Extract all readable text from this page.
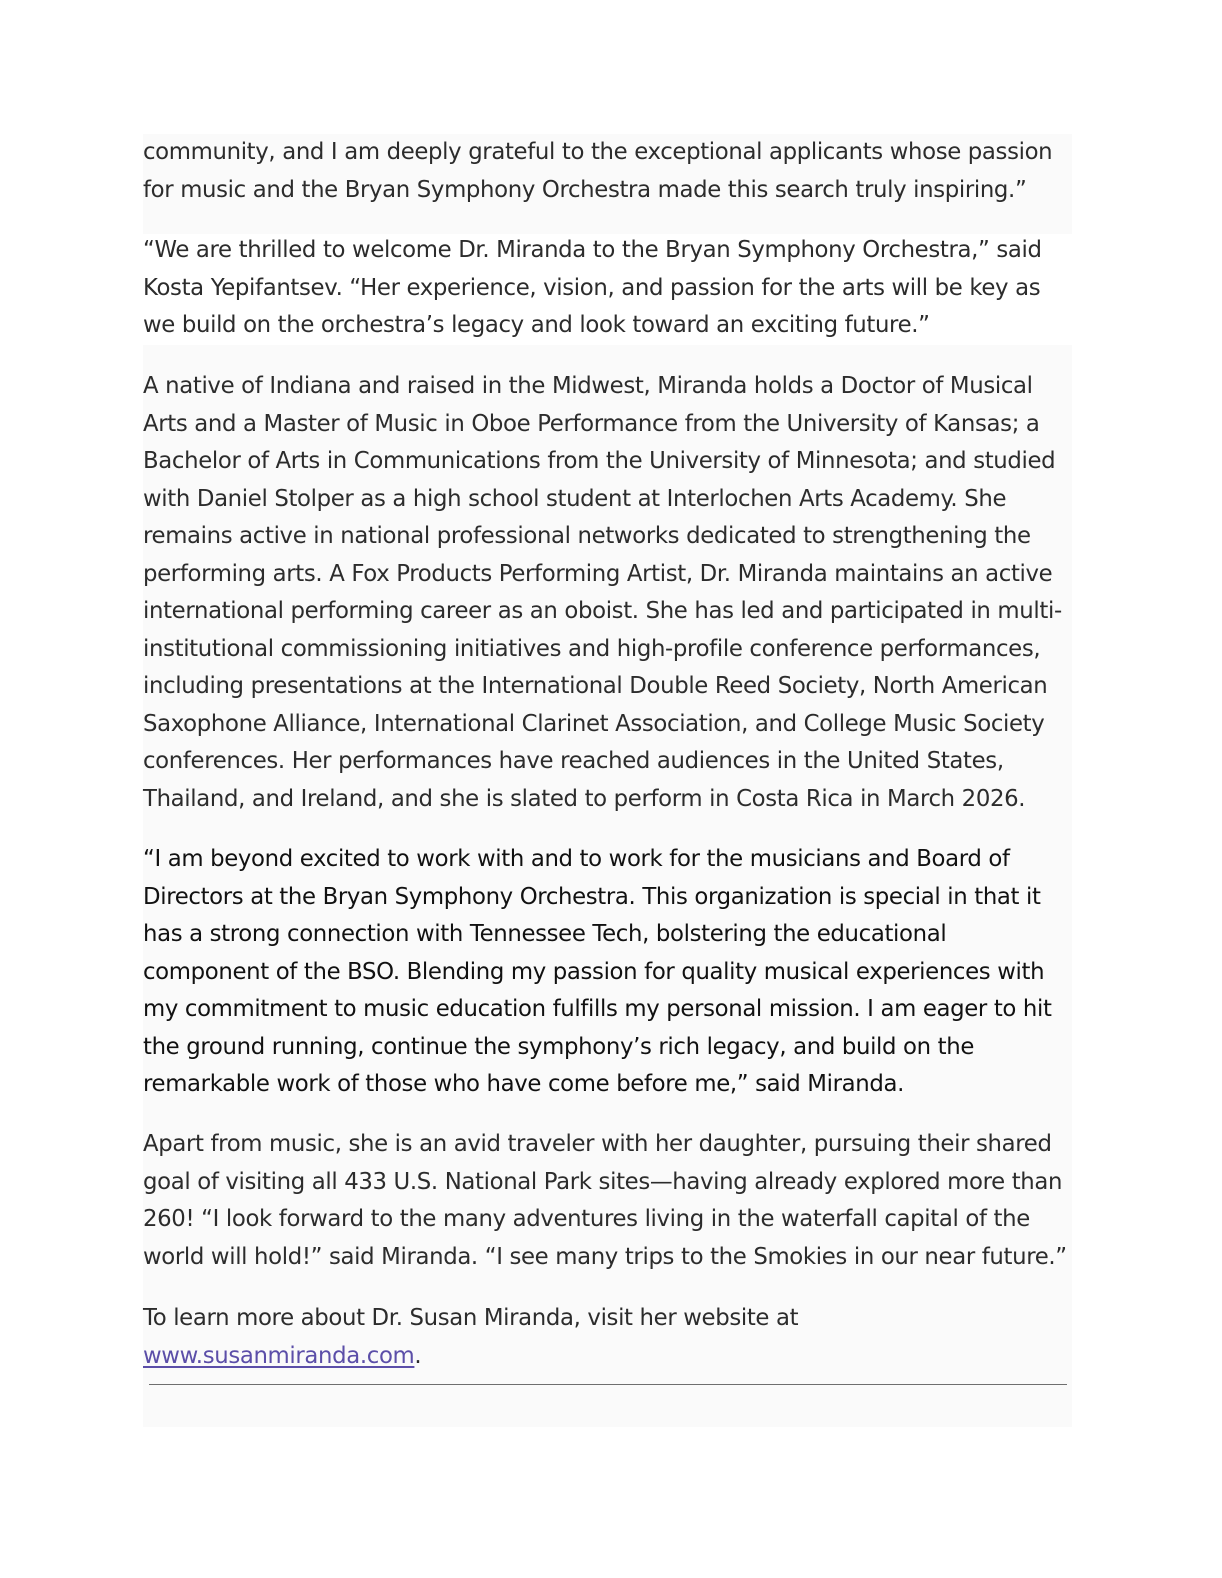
community, and I am deeply grateful to the exceptional applicants whose passion for music and the Bryan Symphony Orchestra made this search truly inspiring.”

“We are thrilled to welcome Dr. Miranda to the Bryan Symphony Orchestra,” said Kosta Yepifantsev. “Her experience, vision, and passion for the arts will be key as we build on the orchestra’s legacy and look toward an exciting future.”

A native of Indiana and raised in the Midwest, Miranda holds a Doctor of Musical Arts and a Master of Music in Oboe Performance from the University of Kansas; a Bachelor of Arts in Communications from the University of Minnesota; and studied with Daniel Stolper as a high school student at Interlochen Arts Academy. She remains active in national professional networks dedicated to strengthening the performing arts. A Fox Products Performing Artist, Dr. Miranda maintains an active international performing career as an oboist. She has led and participated in multi-institutional commissioning initiatives and high-profile conference performances, including presentations at the International Double Reed Society, North American Saxophone Alliance, International Clarinet Association, and College Music Society conferences. Her performances have reached audiences in the United States, Thailand, and Ireland, and she is slated to perform in Costa Rica in March 2026.

“I am beyond excited to work with and to work for the musicians and Board of Directors at the Bryan Symphony Orchestra. This organization is special in that it has a strong connection with Tennessee Tech, bolstering the educational component of the BSO. Blending my passion for quality musical experiences with my commitment to music education fulfills my personal mission. I am eager to hit the ground running, continue the symphony’s rich legacy, and build on the remarkable work of those who have come before me,” said Miranda.

Apart from music, she is an avid traveler with her daughter, pursuing their shared goal of visiting all 433 U.S. National Park sites—having already explored more than 260! “I look forward to the many adventures living in the waterfall capital of the world will hold!” said Miranda. “I see many trips to the Smokies in our near future.”

To learn more about Dr. Susan Miranda, visit her website at www.susanmiranda.com.
